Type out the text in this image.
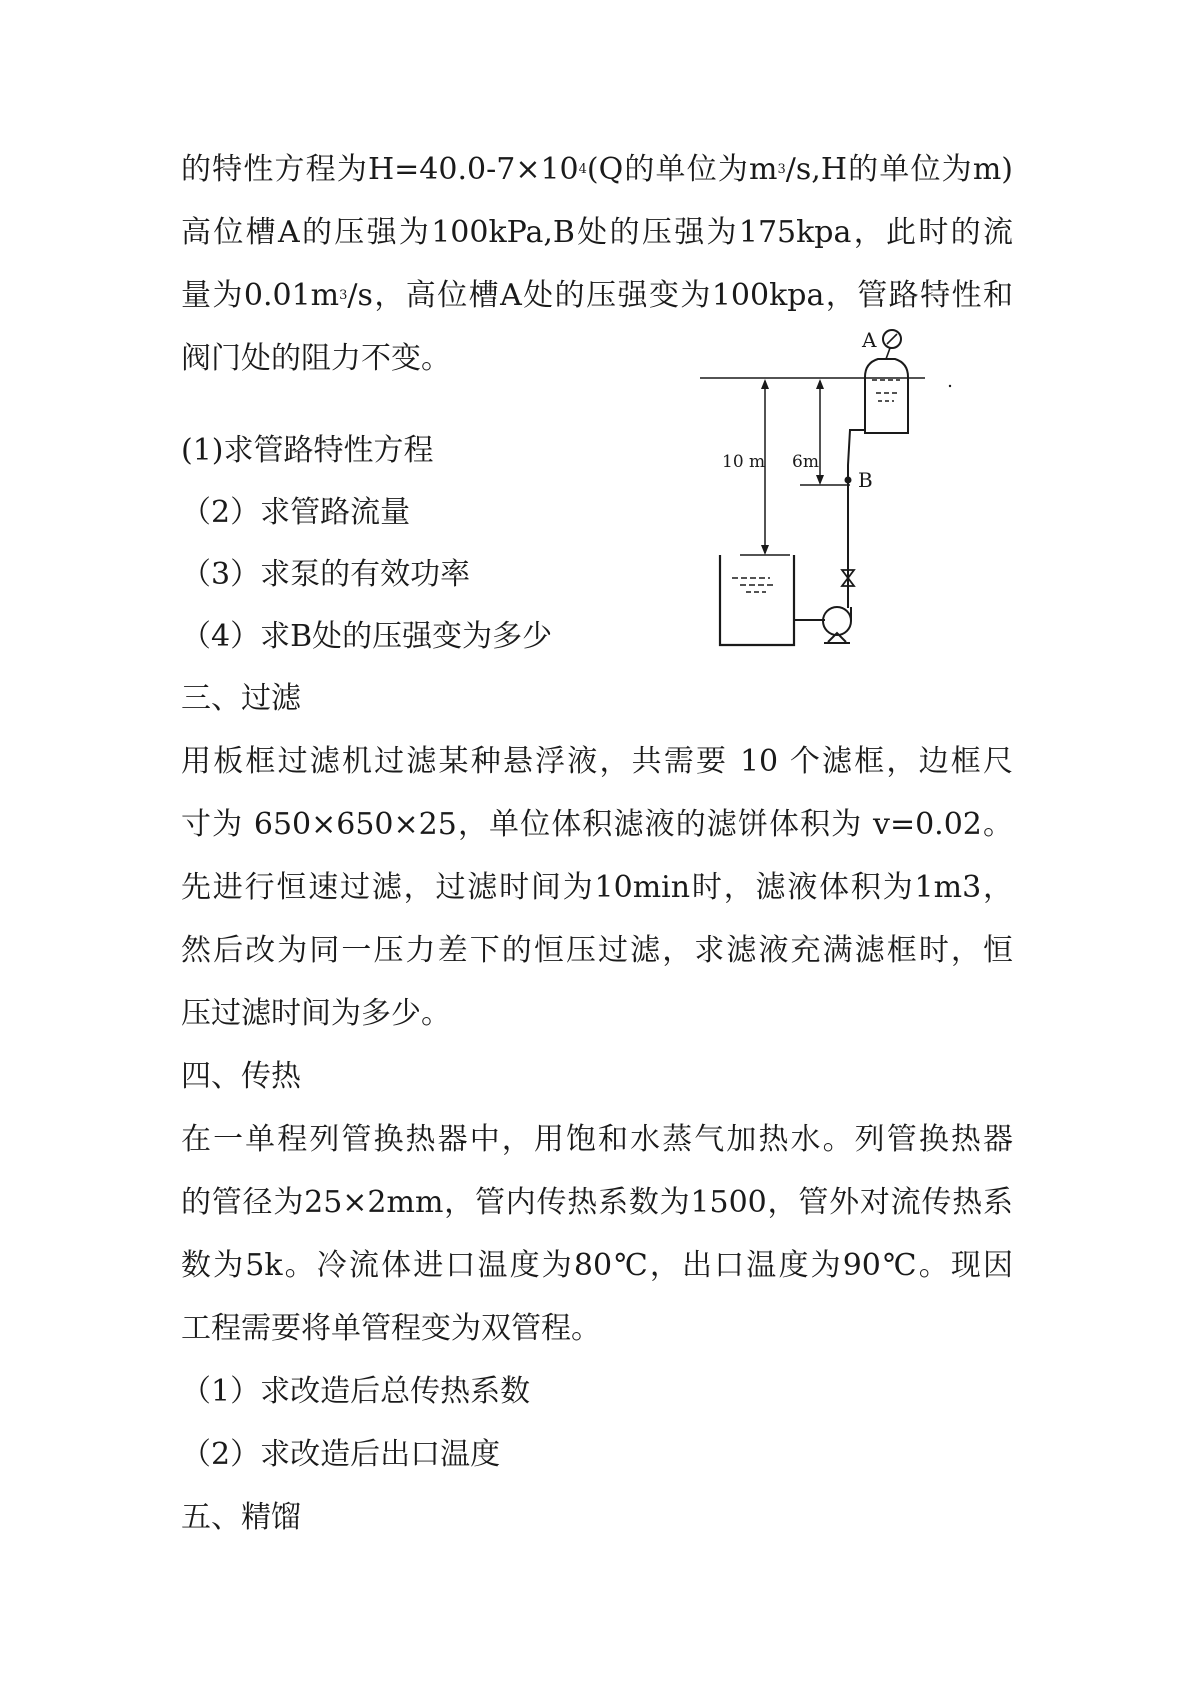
的特性方程为$H=40.0-7\times 10^4(Q$的单位为$m^3/s,H$的单位为m)
高位槽A的压强为100kPa,B处的压强为175kpa，此时的流
量为$0.01m^3/s$，高位槽A处的压强变为100kpa，管路特性和
阀门处的阻力不变。
(1)求管路特性方程
（2）求管路流量
（3）求泵的有效功率
（4）求B处的压强变为多少
B
A
10 m 6m
三、过滤
用板框过滤机过滤某种悬浮液，共需要 10 个滤框，边框尺
寸为 650×650×25，单位体积滤液的滤饼体积为 v=0.02。
先进行恒速过滤，过滤时间为10min时，滤液体积为1m3，
然后改为同一压力差下的恒压过滤，求滤液充满滤框时，恒
压过滤时间为多少。
四、传热
在一单程列管换热器中，用饱和水蒸气加热水。列管换热器
的管径为25×2mm，管内传热系数为1500，管外对流传热系
数为5k。冷流体进口温度为80℃，出口温度为90℃。现因
工程需要将单管程变为双管程。
（1）求改造后总传热系数
（2）求改造后出口温度
五、精馏
